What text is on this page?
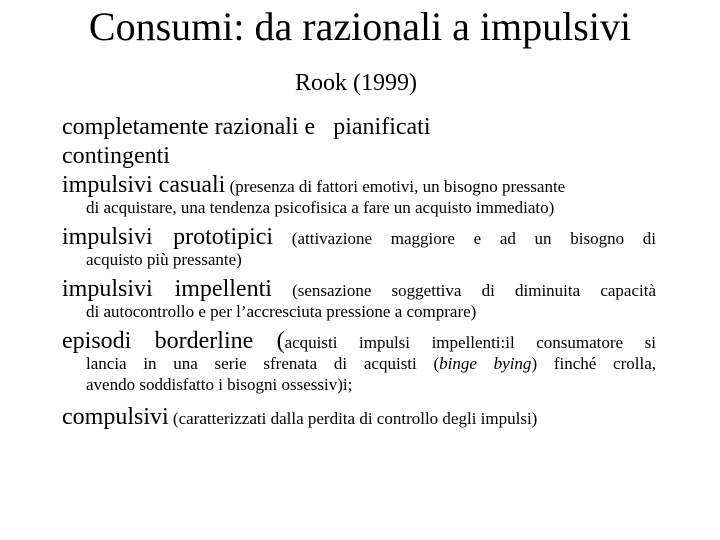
Consumi: da razionali a impulsivi
Rook (1999)
completamente razionali e   pianificati
contingenti
impulsivi casuali (presenza di fattori emotivi, un bisogno pressante
di acquistare, una tendenza psicofisica a fare un acquisto immediato)
impulsivi prototipici (attivazione maggiore e ad un bisogno di
acquisto più pressante)
impulsivi impellenti (sensazione soggettiva di diminuita capacità
di autocontrollo e per l’accresciuta pressione a comprare)
episodi borderline (acquisti impulsi impellenti:il consumatore si
lancia in una serie sfrenata di acquisti (binge bying) finché crolla,
avendo soddisfatto i bisogni ossessiv)i;
compulsivi (caratterizzati dalla perdita di controllo degli impulsi)
